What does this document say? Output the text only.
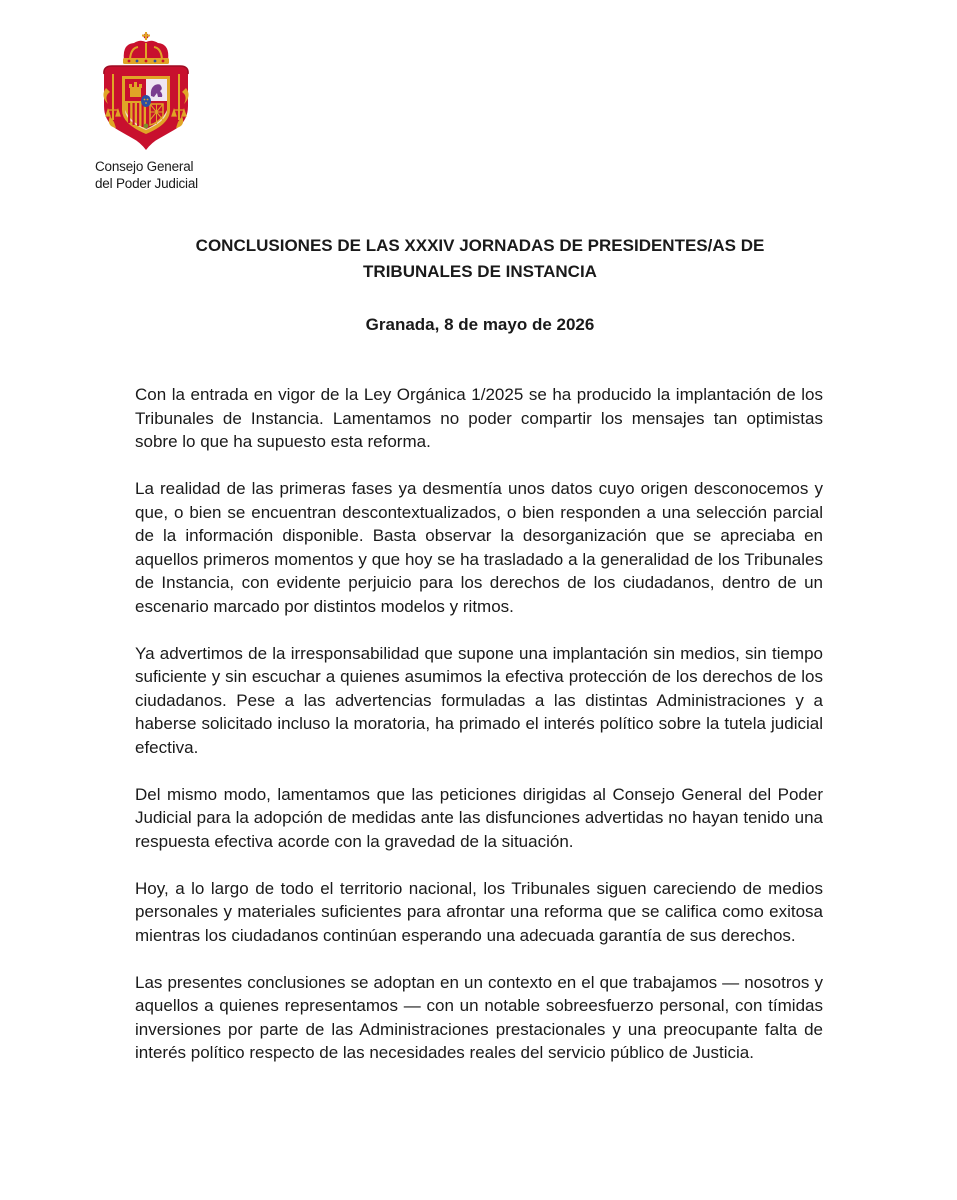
Consejo General
del Poder Judicial
CONCLUSIONES DE LAS XXXIV JORNADAS DE PRESIDENTES/AS DE TRIBUNALES DE INSTANCIA
Granada, 8 de mayo de 2026

Con la entrada en vigor de la Ley Orgánica 1/2025 se ha producido la implantación de los Tribunales de Instancia. Lamentamos no poder compartir los mensajes tan optimistas sobre lo que ha supuesto esta reforma.

La realidad de las primeras fases ya desmentía unos datos cuyo origen desconocemos y que, o bien se encuentran descontextualizados, o bien responden a una selección parcial de la información disponible. Basta observar la desorganización que se apreciaba en aquellos primeros momentos y que hoy se ha trasladado a la generalidad de los Tribunales de Instancia, con evidente perjuicio para los derechos de los ciudadanos, dentro de un escenario marcado por distintos modelos y ritmos.

Ya advertimos de la irresponsabilidad que supone una implantación sin medios, sin tiempo suficiente y sin escuchar a quienes asumimos la efectiva protección de los derechos de los ciudadanos. Pese a las advertencias formuladas a las distintas Administraciones y a haberse solicitado incluso la moratoria, ha primado el interés político sobre la tutela judicial efectiva.

Del mismo modo, lamentamos que las peticiones dirigidas al Consejo General del Poder Judicial para la adopción de medidas ante las disfunciones advertidas no hayan tenido una respuesta efectiva acorde con la gravedad de la situación.

Hoy, a lo largo de todo el territorio nacional, los Tribunales siguen careciendo de medios personales y materiales suficientes para afrontar una reforma que se califica como exitosa mientras los ciudadanos continúan esperando una adecuada garantía de sus derechos.

Las presentes conclusiones se adoptan en un contexto en el que trabajamos — nosotros y aquellos a quienes representamos — con un notable sobreesfuerzo personal, con tímidas inversiones por parte de las Administraciones prestacionales y una preocupante falta de interés político respecto de las necesidades reales del servicio público de Justicia.
